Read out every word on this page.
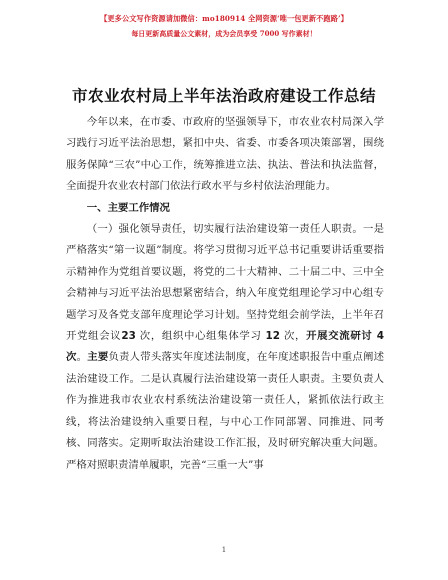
【更多公文写作资源请加微信：mo180914 全网资源‘唯一包更新不跑路’】
每日更新高质量公文素材，成为会员享受 7000 写作素材！
市农业农村局上半年法治政府建设工作总结

今年以来，在市委、市政府的坚强领导下，市农业农村局深入学习践行习近平法治思想，紧扣中央、省委、市委各项决策部署，围绕服务保障“三农”中心工作，统筹推进立法、执法、普法和执法监督，全面提升农业农村部门依法行政水平与乡村依法治理能力。

一、主要工作情况

（一）强化领导责任，切实履行法治建设第一责任人职责。一是严格落实“第一议题”制度。将学习贯彻习近平总书记重要讲话重要指示精神作为党组首要议题，将党的二十大精神、二十届二中、三中全会精神与习近平法治思想紧密结合，纳入年度党组理论学习中心组专题学习及各党支部年度理论学习计划。坚持党组会前学法，上半年召开党组会议23 次，组织中心组集体学习 12 次，开展交流研讨 4 次。主要负责人带头落实年度述法制度，在年度述职报告中重点阐述法治建设工作。二是认真履行法治建设第一责任人职责。主要负责人作为推进我市农业农村系统法治建设第一责任人，紧抓依法行政主线，将法治建设纳入重要日程，与中心工作同部署、同推进、同考核、同落实。定期听取法治建设工作汇报，及时研究解决重大问题。严格对照职责清单履职，完善“三重一大”事

1
